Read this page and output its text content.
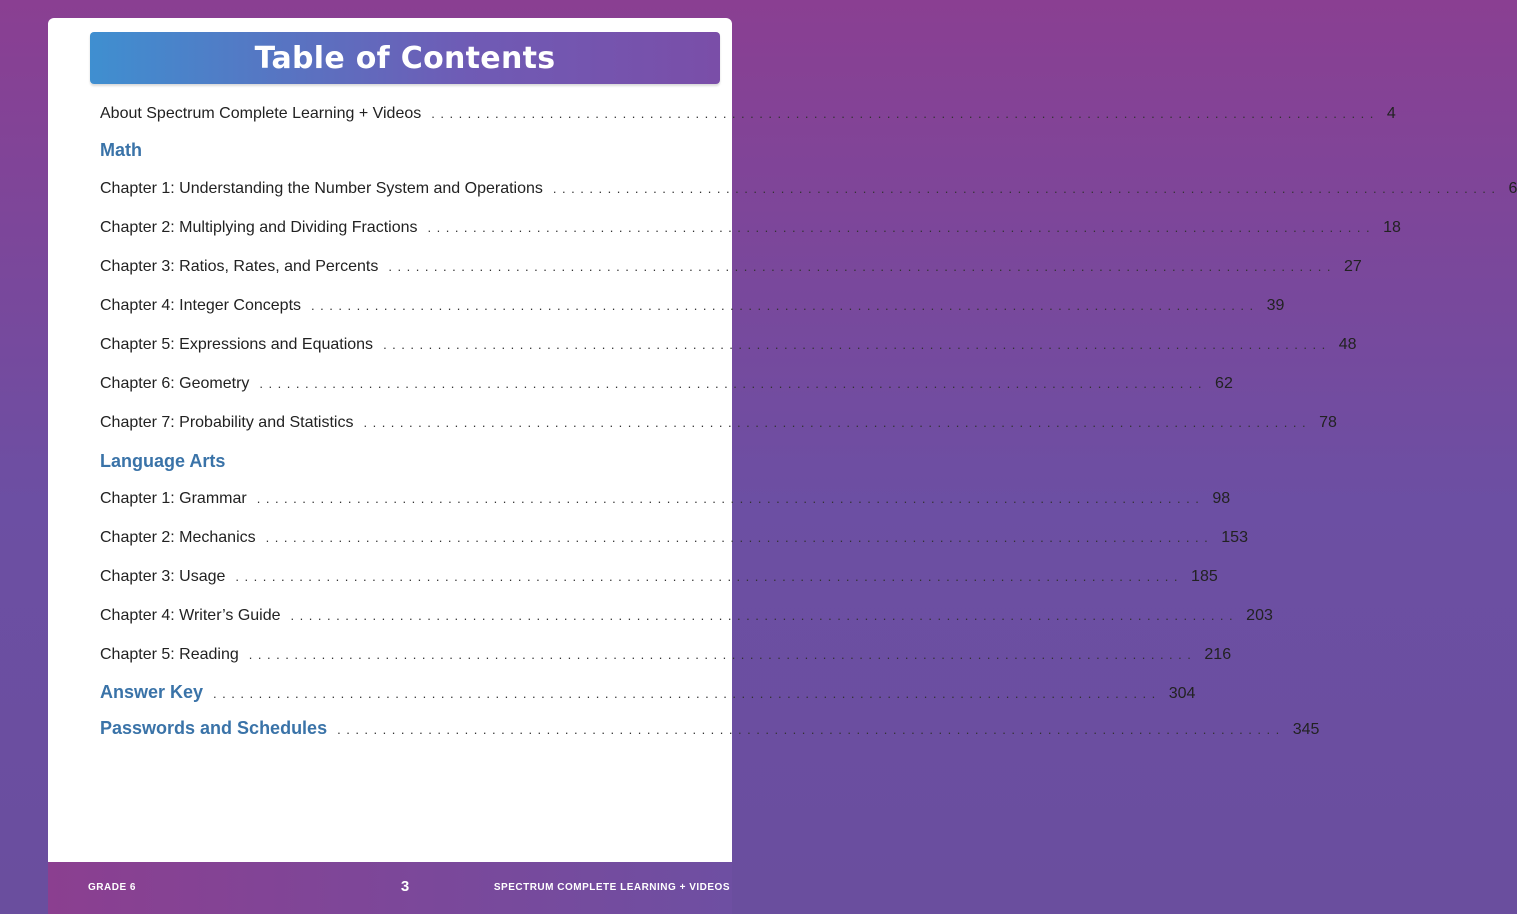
Table of Contents
About Spectrum Complete Learning + Videos ........................................................................................................ 4
Math
Chapter 1: Understanding the Number System and Operations ........................................................................................................ 6
Chapter 2: Multiplying and Dividing Fractions ........................................................................................................ 18
Chapter 3: Ratios, Rates, and Percents ........................................................................................................ 27
Chapter 4: Integer Concepts ........................................................................................................ 39
Chapter 5: Expressions and Equations ........................................................................................................ 48
Chapter 6: Geometry ........................................................................................................ 62
Chapter 7: Probability and Statistics ........................................................................................................ 78
Language Arts
Chapter 1: Grammar ........................................................................................................ 98
Chapter 2: Mechanics ........................................................................................................ 153
Chapter 3: Usage ........................................................................................................ 185
Chapter 4: Writer’s Guide ........................................................................................................ 203
Chapter 5: Reading ........................................................................................................ 216
Answer Key ........................................................................................................ 304
Passwords and Schedules ........................................................................................................ 345
GRADE 6	3	SPECTRUM COMPLETE LEARNING + VIDEOS
